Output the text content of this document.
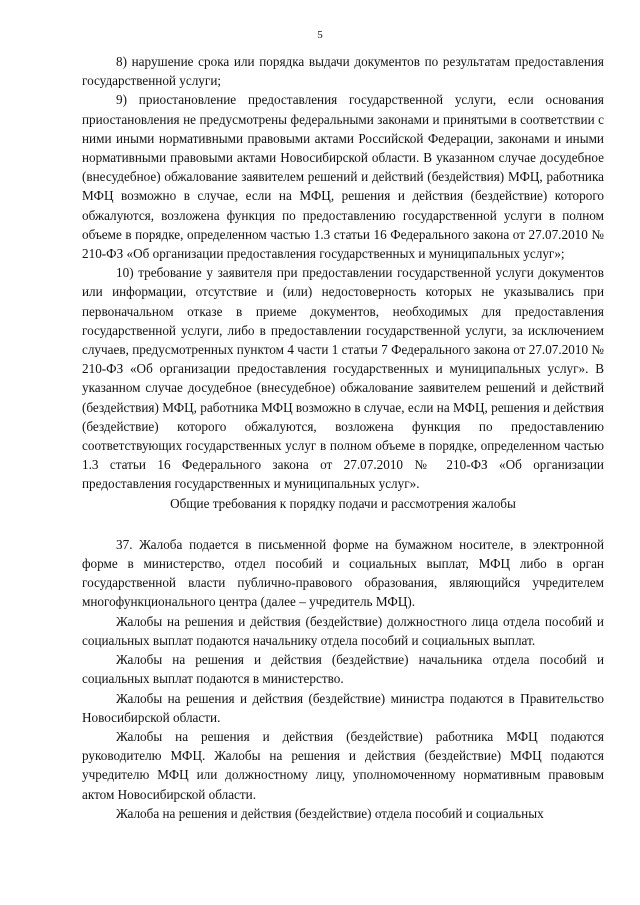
5

8) нарушение срока или порядка выдачи документов по результатам предоставления государственной услуги;

9) приостановление предоставления государственной услуги, если основания приостановления не предусмотрены федеральными законами и принятыми в соответствии с ними иными нормативными правовыми актами Российской Федерации, законами и иными нормативными правовыми актами Новосибирской области. В указанном случае досудебное (внесудебное) обжалование заявителем решений и действий (бездействия) МФЦ, работника МФЦ возможно в случае, если на МФЦ, решения и действия (бездействие) которого обжалуются, возложена функция по предоставлению государственной услуги в полном объеме в порядке, определенном частью 1.3 статьи 16 Федерального закона от 27.07.2010 № 210-ФЗ «Об организации предоставления государственных и муниципальных услуг»;

10) требование у заявителя при предоставлении государственной услуги документов или информации, отсутствие и (или) недостоверность которых не указывались при первоначальном отказе в приеме документов, необходимых для предоставления государственной услуги, либо в предоставлении государственной услуги, за исключением случаев, предусмотренных пунктом 4 части 1 статьи 7 Федерального закона от 27.07.2010 № 210-ФЗ «Об организации предоставления государственных и муниципальных услуг». В указанном случае досудебное (внесудебное) обжалование заявителем решений и действий (бездействия) МФЦ, работника МФЦ возможно в случае, если на МФЦ, решения и действия (бездействие) которого обжалуются, возложена функция по предоставлению соответствующих государственных услуг в полном объеме в порядке, определенном частью 1.3 статьи 16 Федерального закона от 27.07.2010 № 210-ФЗ «Об организации предоставления государственных и муниципальных услуг».

Общие требования к порядку подачи и рассмотрения жалобы

37. Жалоба подается в письменной форме на бумажном носителе, в электронной форме в министерство, отдел пособий и социальных выплат, МФЦ либо в орган государственной власти публично-правового образования, являющийся учредителем многофункционального центра (далее – учредитель МФЦ).

Жалобы на решения и действия (бездействие) должностного лица отдела пособий и социальных выплат подаются начальнику отдела пособий и социальных выплат.

Жалобы на решения и действия (бездействие) начальника отдела пособий и социальных выплат подаются в министерство.

Жалобы на решения и действия (бездействие) министра подаются в Правительство Новосибирской области.

Жалобы на решения и действия (бездействие) работника МФЦ подаются руководителю МФЦ. Жалобы на решения и действия (бездействие) МФЦ подаются учредителю МФЦ или должностному лицу, уполномоченному нормативным правовым актом Новосибирской области.

Жалоба на решения и действия (бездействие) отдела пособий и социальных
